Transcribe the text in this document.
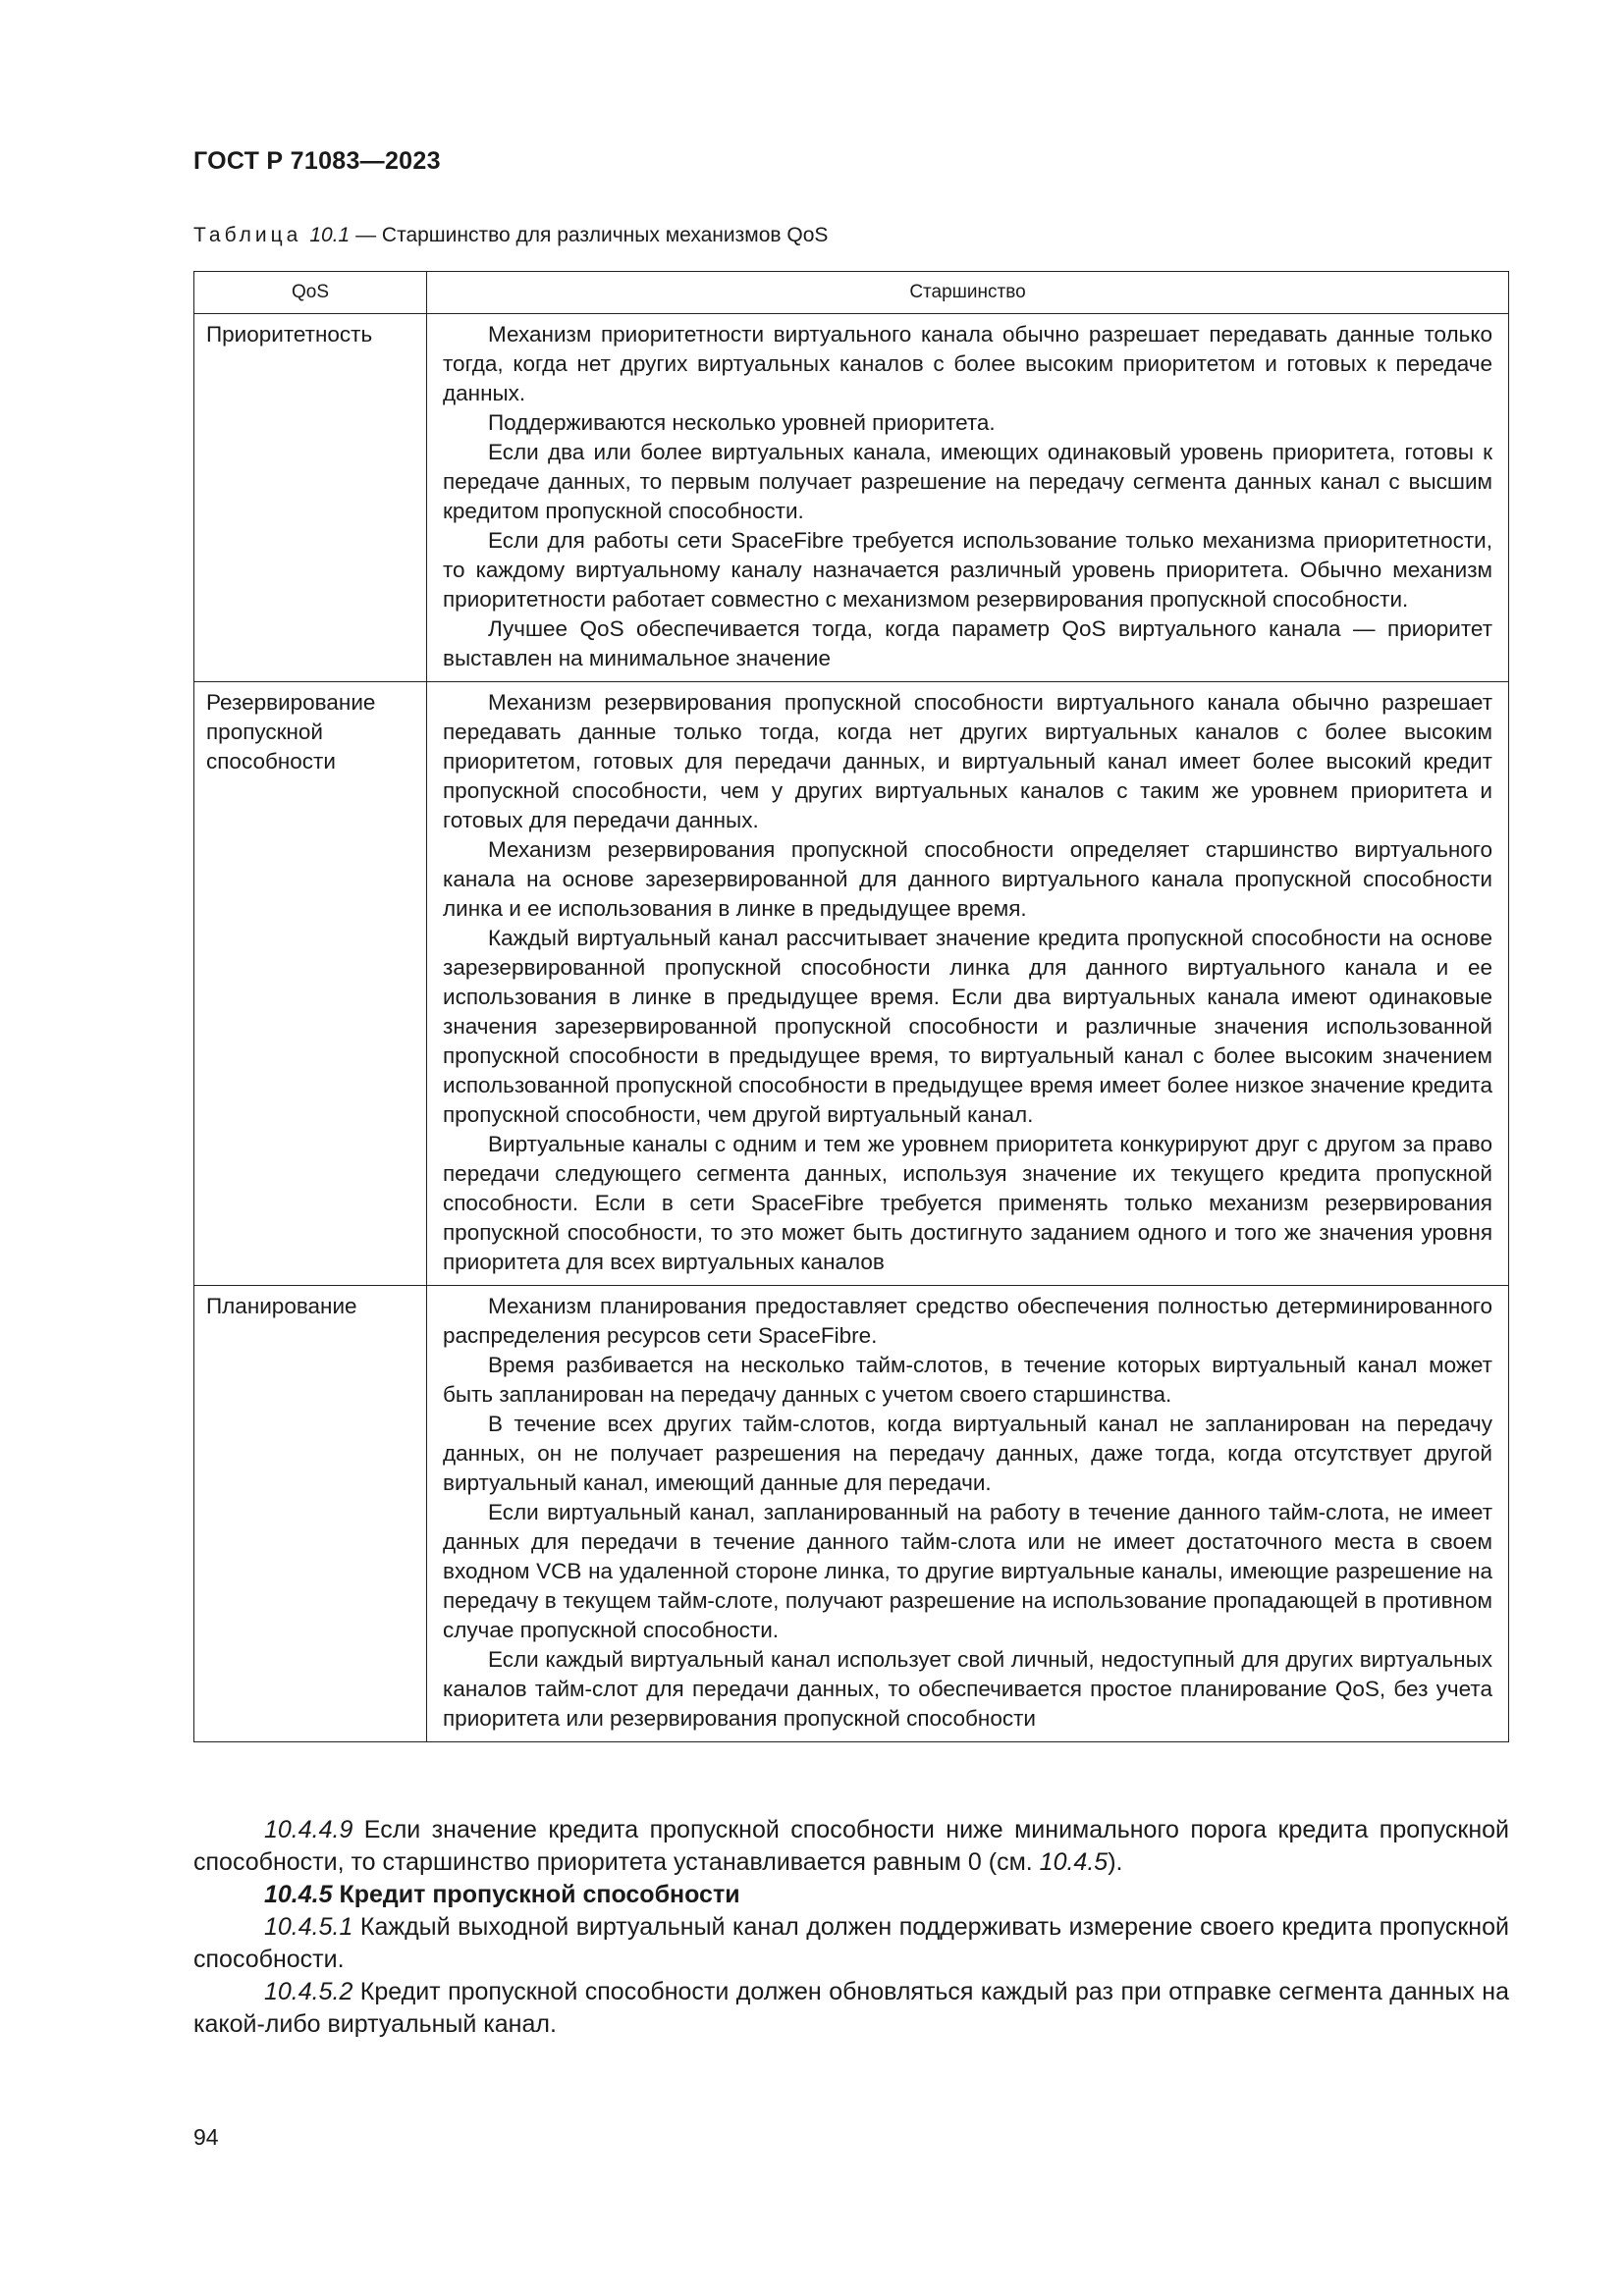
ГОСТ Р 71083—2023
Таблица 10.1 — Старшинство для различных механизмов QoS
QoS	Старшинство
Приоритетность	Механизм приоритетности виртуального канала обычно разрешает передавать данные только тогда, когда нет других виртуальных каналов с более высоким приоритетом и готовых к передаче данных.

Поддерживаются несколько уровней приоритета.

Если два или более виртуальных канала, имеющих одинаковый уровень приоритета, готовы к передаче данных, то первым получает разрешение на передачу сегмента данных канал с высшим кредитом пропускной способности.

Если для работы сети SpaceFibre требуется использование только механизма приоритетности, то каждому виртуальному каналу назначается различный уровень приоритета. Обычно механизм приоритетности работает совместно с механизмом резервирования пропускной способности.

Лучшее QoS обеспечивается тогда, когда параметр QoS виртуального канала — приоритет выставлен на минимальное значение

Резервирование пропускной способности	Механизм резервирования пропускной способности виртуального канала обычно разрешает передавать данные только тогда, когда нет других виртуальных каналов с более высоким приоритетом, готовых для передачи данных, и виртуальный канал имеет более высокий кредит пропускной способности, чем у других виртуальных каналов с таким же уровнем приоритета и готовых для передачи данных.

Механизм резервирования пропускной способности определяет старшинство виртуального канала на основе зарезервированной для данного виртуального канала пропускной способности линка и ее использования в линке в предыдущее время.

Каждый виртуальный канал рассчитывает значение кредита пропускной способности на основе зарезервированной пропускной способности линка для данного виртуального канала и ее использования в линке в предыдущее время. Если два виртуальных канала имеют одинаковые значения зарезервированной пропускной способности и различные значения использованной пропускной способности в предыдущее время, то виртуальный канал с более высоким значением использованной пропускной способности в предыдущее время имеет более низкое значение кредита пропускной способности, чем другой виртуальный канал.

Виртуальные каналы с одним и тем же уровнем приоритета конкурируют друг с другом за право передачи следующего сегмента данных, используя значение их текущего кредита пропускной способности. Если в сети SpaceFibre требуется применять только механизм резервирования пропускной способности, то это может быть достигнуто заданием одного и того же значения уровня приоритета для всех виртуальных каналов

Планирование	Механизм планирования предоставляет средство обеспечения полностью детерминированного распределения ресурсов сети SpaceFibre.

Время разбивается на несколько тайм-слотов, в течение которых виртуальный канал может быть запланирован на передачу данных с учетом своего старшинства.

В течение всех других тайм-слотов, когда виртуальный канал не запланирован на передачу данных, он не получает разрешения на передачу данных, даже тогда, когда отсутствует другой виртуальный канал, имеющий данные для передачи.

Если виртуальный канал, запланированный на работу в течение данного тайм-слота, не имеет данных для передачи в течение данного тайм-слота или не имеет достаточного места в своем входном VCB на удаленной стороне линка, то другие виртуальные каналы, имеющие разрешение на передачу в текущем тайм-слоте, получают разрешение на использование пропадающей в противном случае пропускной способности.

Если каждый виртуальный канал использует свой личный, недоступный для других виртуальных каналов тайм-слот для передачи данных, то обеспечивается простое планирование QoS, без учета приоритета или резервирования пропускной способности

10.4.4.9 Если значение кредита пропускной способности ниже минимального порога кредита пропускной способности, то старшинство приоритета устанавливается равным 0 (см. 10.4.5).

10.4.5 Кредит пропускной способности

10.4.5.1 Каждый выходной виртуальный канал должен поддерживать измерение своего кредита пропускной способности.

10.4.5.2 Кредит пропускной способности должен обновляться каждый раз при отправке сегмента данных на какой-либо виртуальный канал.

94
